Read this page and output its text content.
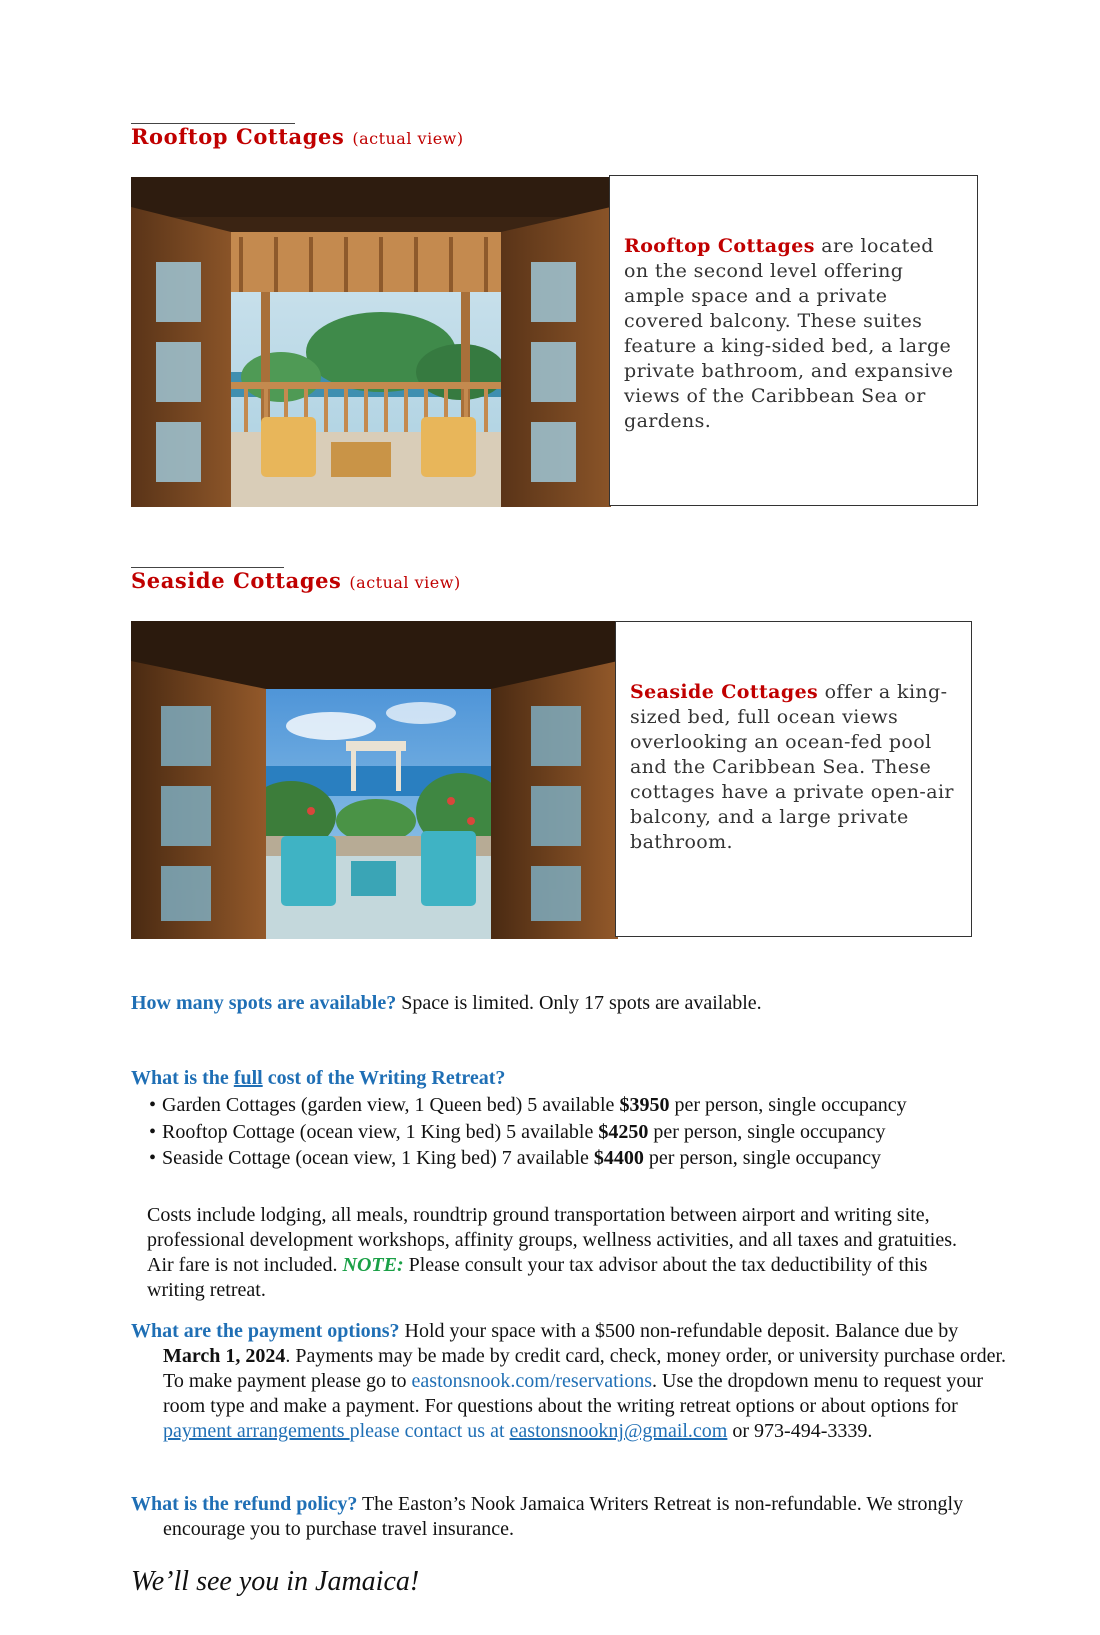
Rooftop Cottages (actual view)
Rooftop Cottages are located on the second level offering ample space and a private covered balcony. These suites feature a king-sided bed, a large private bathroom, and expansive views of the Caribbean Sea or gardens.
Seaside Cottages (actual view)
Seaside Cottages offer a king-sized bed, full ocean views overlooking an ocean-fed pool and the Caribbean Sea. These cottages have a private open-air balcony, and a large private bathroom.
How many spots are available? Space is limited. Only 17 spots are available.
What is the full cost of the Writing Retreat?
• Garden Cottages (garden view, 1 Queen bed) 5 available $3950 per person, single occupancy
• Rooftop Cottage (ocean view, 1 King bed) 5 available $4250 per person, single occupancy
• Seaside Cottage (ocean view, 1 King bed) 7 available $4400 per person, single occupancy
Costs include lodging, all meals, roundtrip ground transportation between airport and writing site, professional development workshops, affinity groups, wellness activities, and all taxes and gratuities. Air fare is not included. NOTE: Please consult your tax advisor about the tax deductibility of this writing retreat.
What are the payment options? Hold your space with a $500 non-refundable deposit. Balance due by March 1, 2024. Payments may be made by credit card, check, money order, or university purchase order. To make payment please go to eastonsnook.com/reservations. Use the dropdown menu to request your room type and make a payment. For questions about the writing retreat options or about options for payment arrangements please contact us at eastonsnooknj@gmail.com or 973-494-3339.
What is the refund policy? The Easton’s Nook Jamaica Writers Retreat is non-refundable. We strongly encourage you to purchase travel insurance.
We’ll see you in Jamaica!
